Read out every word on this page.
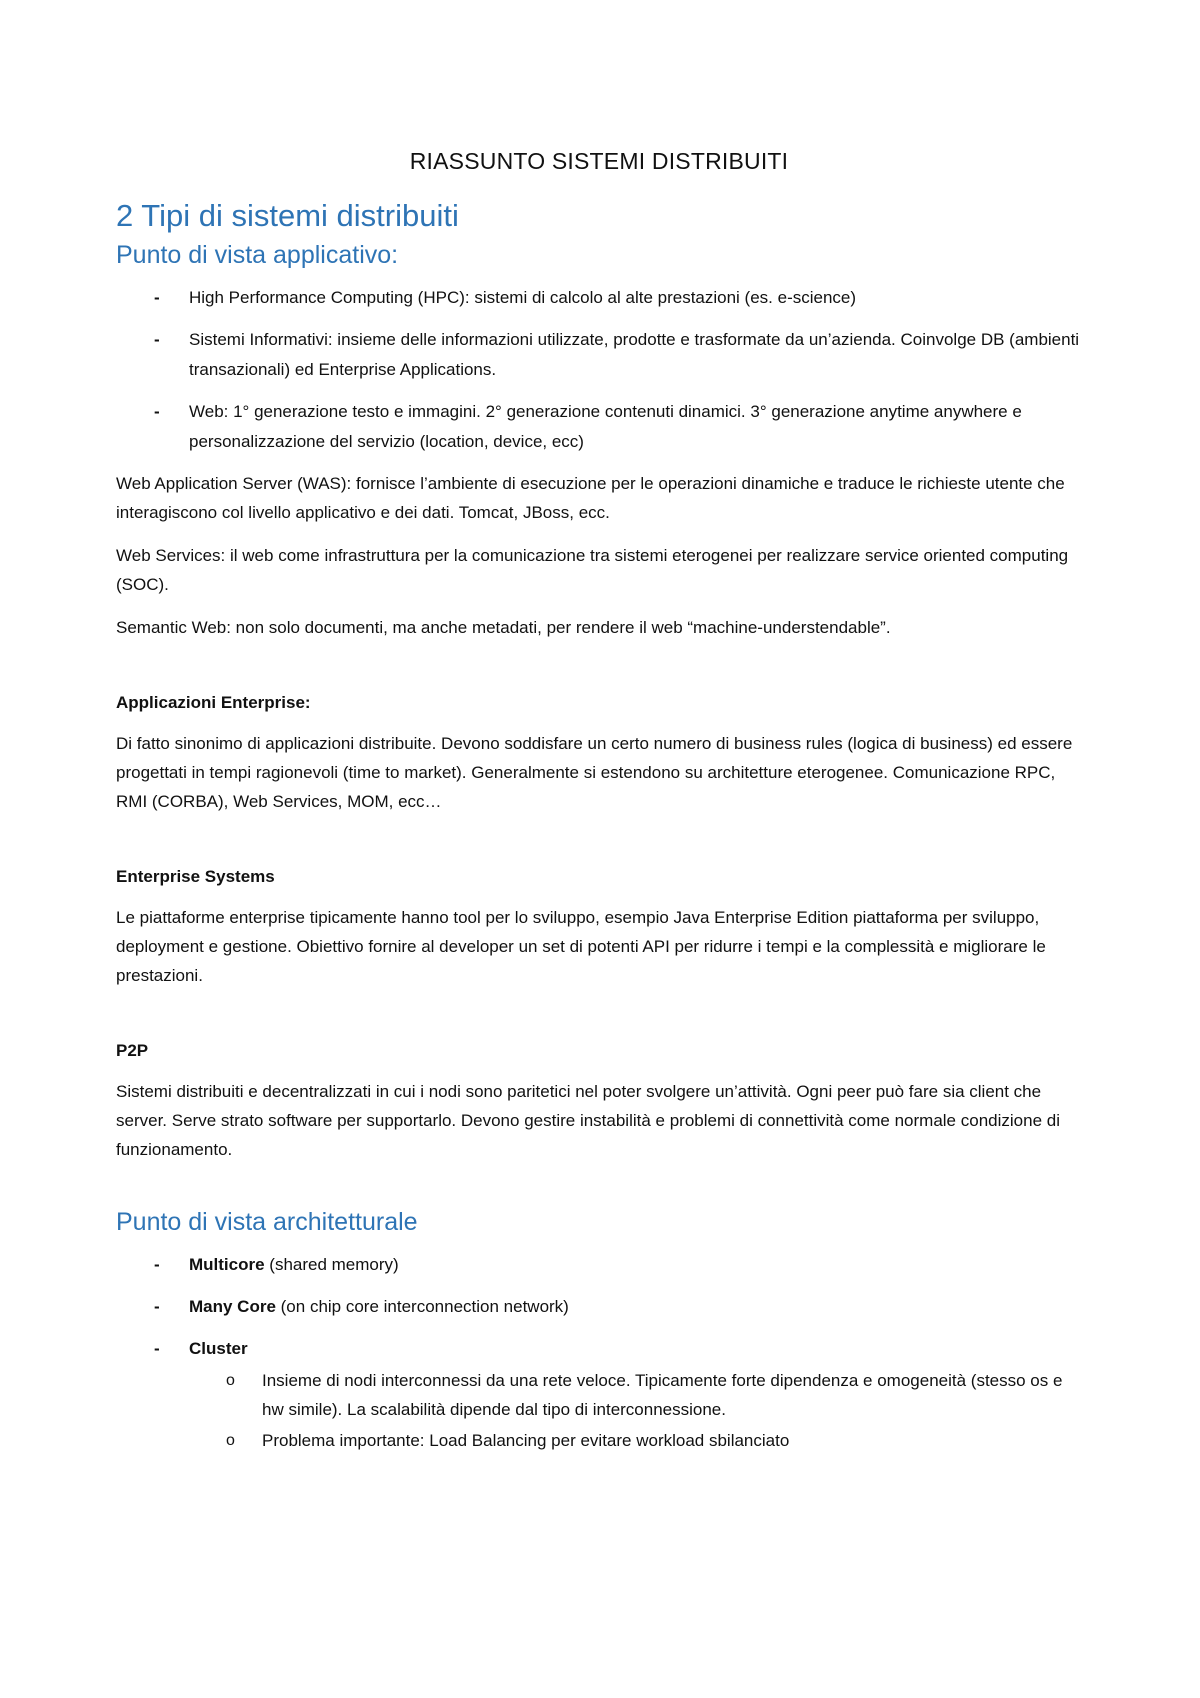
RIASSUNTO SISTEMI DISTRIBUITI
2 Tipi di sistemi distribuiti
Punto di vista applicativo:
- High Performance Computing (HPC): sistemi di calcolo al alte prestazioni (es. e-science)
- Sistemi Informativi: insieme delle informazioni utilizzate, prodotte e trasformate da un’azienda. Coinvolge DB (ambienti transazionali) ed Enterprise Applications.
- Web: 1° generazione testo e immagini. 2° generazione contenuti dinamici. 3° generazione anytime anywhere e personalizzazione del servizio (location, device, ecc)
Web Application Server (WAS): fornisce l’ambiente di esecuzione per le operazioni dinamiche e traduce le richieste utente che interagiscono col livello applicativo e dei dati. Tomcat, JBoss, ecc.
Web Services: il web come infrastruttura per la comunicazione tra sistemi eterogenei per realizzare service oriented computing (SOC).
Semantic Web: non solo documenti, ma anche metadati, per rendere il web “machine-understendable”.
Applicazioni Enterprise:
Di fatto sinonimo di applicazioni distribuite. Devono soddisfare un certo numero di business rules (logica di business) ed essere progettati in tempi ragionevoli (time to market). Generalmente si estendono su architetture eterogenee. Comunicazione RPC, RMI (CORBA), Web Services, MOM, ecc…
Enterprise Systems
Le piattaforme enterprise tipicamente hanno tool per lo sviluppo, esempio Java Enterprise Edition piattaforma per sviluppo, deployment e gestione. Obiettivo fornire al developer un set di potenti API per ridurre i tempi e la complessità e migliorare le prestazioni.
P2P
Sistemi distribuiti e decentralizzati in cui i nodi sono paritetici nel poter svolgere un’attività. Ogni peer può fare sia client che server. Serve strato software per supportarlo. Devono gestire instabilità e problemi di connettività come normale condizione di funzionamento.
Punto di vista architetturale
- Multicore (shared memory)
- Many Core (on chip core interconnection network)
- Cluster
o Insieme di nodi interconnessi da una rete veloce. Tipicamente forte dipendenza e omogeneità (stesso os e hw simile). La scalabilità dipende dal tipo di interconnessione.
o Problema importante: Load Balancing per evitare workload sbilanciato
